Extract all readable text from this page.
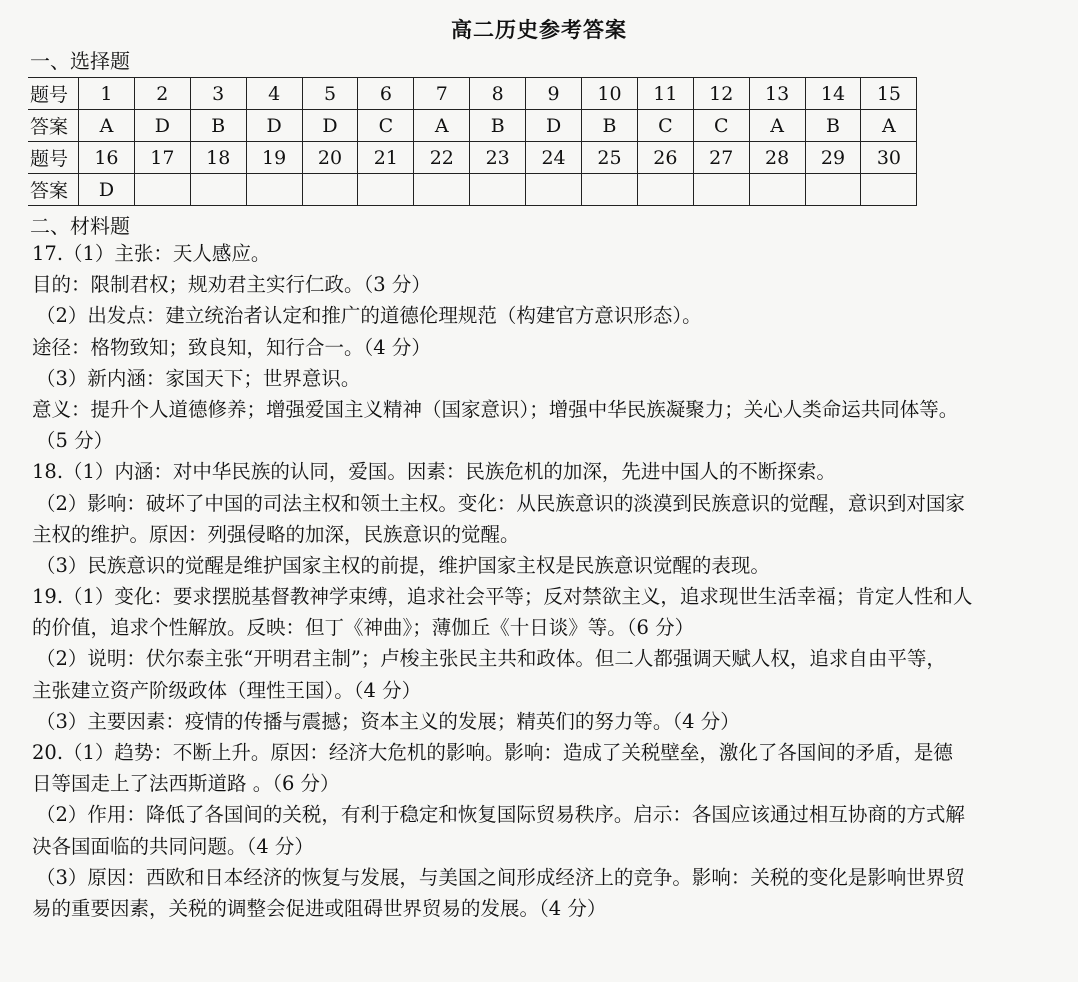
高二历史参考答案
一、选择题
题号	1	2	3	4	5	6	7	8	9	10	11	12	13	14	15
答案	A	D	B	D	D	C	A	B	D	B	C	C	A	B	A
题号	16	17	18	19	20	21	22	23	24	25	26	27	28	29	30
答案	D														
二、材料题
17.（1）主张：天人感应。
目的：限制君权；规劝君主实行仁政。（3 分）
（2）出发点：建立统治者认定和推广的道德伦理规范（构建官方意识形态）。
途径：格物致知；致良知，知行合一。（4 分）
（3）新内涵：家国天下；世界意识。
意义：提升个人道德修养；增强爱国主义精神（国家意识）；增强中华民族凝聚力；关心人类命运共同体等。
（5 分）
18.（1）内涵：对中华民族的认同，爱国。因素：民族危机的加深，先进中国人的不断探索。
（2）影响：破坏了中国的司法主权和领土主权。变化：从民族意识的淡漠到民族意识的觉醒，意识到对国家
主权的维护。原因：列强侵略的加深，民族意识的觉醒。
（3）民族意识的觉醒是维护国家主权的前提，维护国家主权是民族意识觉醒的表现。
19.（1）变化：要求摆脱基督教神学束缚，追求社会平等；反对禁欲主义，追求现世生活幸福；肯定人性和人
的价值，追求个性解放。反映：但丁《神曲》；薄伽丘《十日谈》等。（6 分）
（2）说明：伏尔泰主张“开明君主制”；卢梭主张民主共和政体。但二人都强调天赋人权，追求自由平等，
主张建立资产阶级政体（理性王国）。（4 分）
（3）主要因素：疫情的传播与震撼；资本主义的发展；精英们的努力等。（4 分）
20.（1）趋势：不断上升。原因：经济大危机的影响。影响：造成了关税壁垒，激化了各国间的矛盾，是德
日等国走上了法西斯道路 。（6 分）
（2）作用：降低了各国间的关税，有利于稳定和恢复国际贸易秩序。启示：各国应该通过相互协商的方式解
决各国面临的共同问题。（4 分）
（3）原因：西欧和日本经济的恢复与发展，与美国之间形成经济上的竞争。影响：关税的变化是影响世界贸
易的重要因素，关税的调整会促进或阻碍世界贸易的发展。（4 分）
